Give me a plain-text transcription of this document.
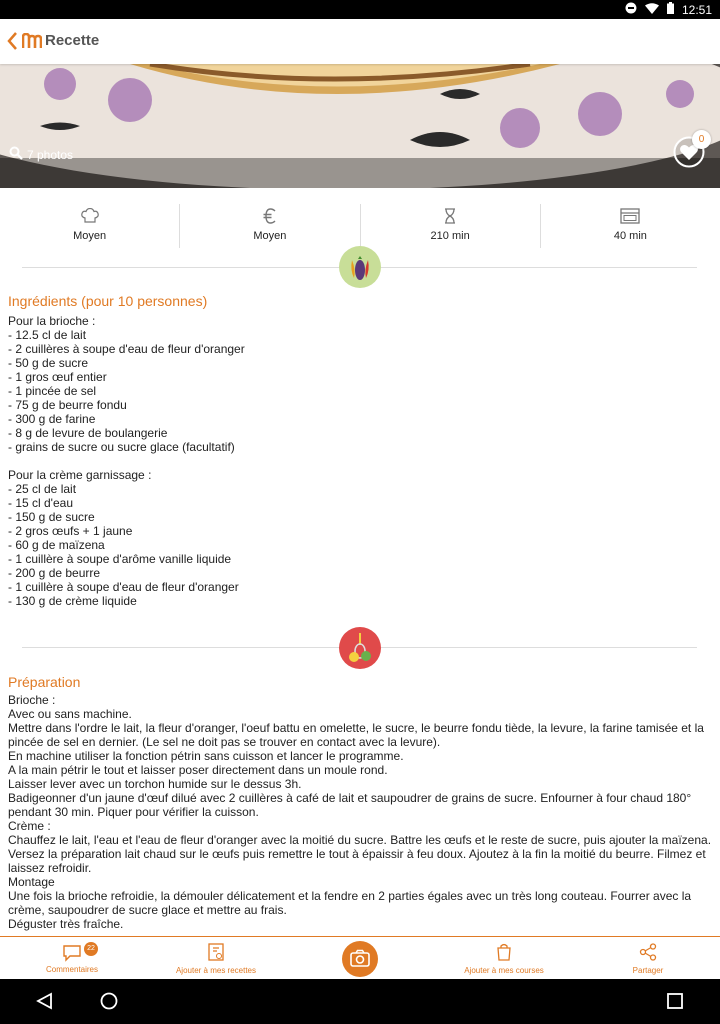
12:51
Recette
7 photos
0
Moyen	Moyen	210 min	40 min
Ingrédients (pour 10 personnes)
Pour la brioche :
- 12.5 cl de lait
- 2 cuillères à soupe d'eau de fleur d'oranger
- 50 g de sucre
- 1 gros œuf entier
- 1 pincée de sel
- 75 g de beurre fondu
- 300 g de farine
- 8 g de levure de boulangerie
- grains de sucre ou sucre glace (facultatif)
Pour la crème garnissage :
- 25 cl de lait
- 15 cl d'eau
- 150 g de sucre
- 2 gros œufs + 1 jaune
- 60 g de maïzena
- 1 cuillère à soupe d'arôme vanille liquide
- 200 g de beurre
- 1 cuillère à soupe d'eau de fleur d'oranger
- 130 g de crème liquide
Préparation
Brioche :
Avec ou sans machine.
Mettre dans l'ordre le lait, la fleur d'oranger, l'oeuf battu en omelette, le sucre, le beurre fondu tiède, la levure, la farine tamisée et la pincée de sel en dernier. (Le sel ne doit pas se trouver en contact avec la levure).
En machine utiliser la fonction pétrin sans cuisson et lancer le programme.
A la main pétrir le tout et laisser poser directement dans un moule rond.
Laisser lever avec un torchon humide sur le dessus 3h.
Badigeonner d'un jaune d'œuf dilué avec 2 cuillères à café de lait et saupoudrer de grains de sucre. Enfourner à four chaud 180° pendant 30 min. Piquer pour vérifier la cuisson.
Crème :
Chauffez le lait, l'eau et l'eau de fleur d'oranger avec la moitié du sucre. Battre les œufs et le reste de sucre, puis ajouter la maïzena. Versez la préparation lait chaud sur le œufs puis remettre le tout à épaissir à feu doux. Ajoutez à la fin la moitié du beurre. Filmez et laissez refroidir.
Montage
Une fois la brioche refroidie, la démouler délicatement et la fendre en 2 parties égales avec un très long couteau. Fourrer avec la crème, saupoudrer de sucre glace et mettre au frais.
Déguster très fraîche.
22
Commentaires	Ajouter à mes recettes	Ajouter à mes courses	Partager
